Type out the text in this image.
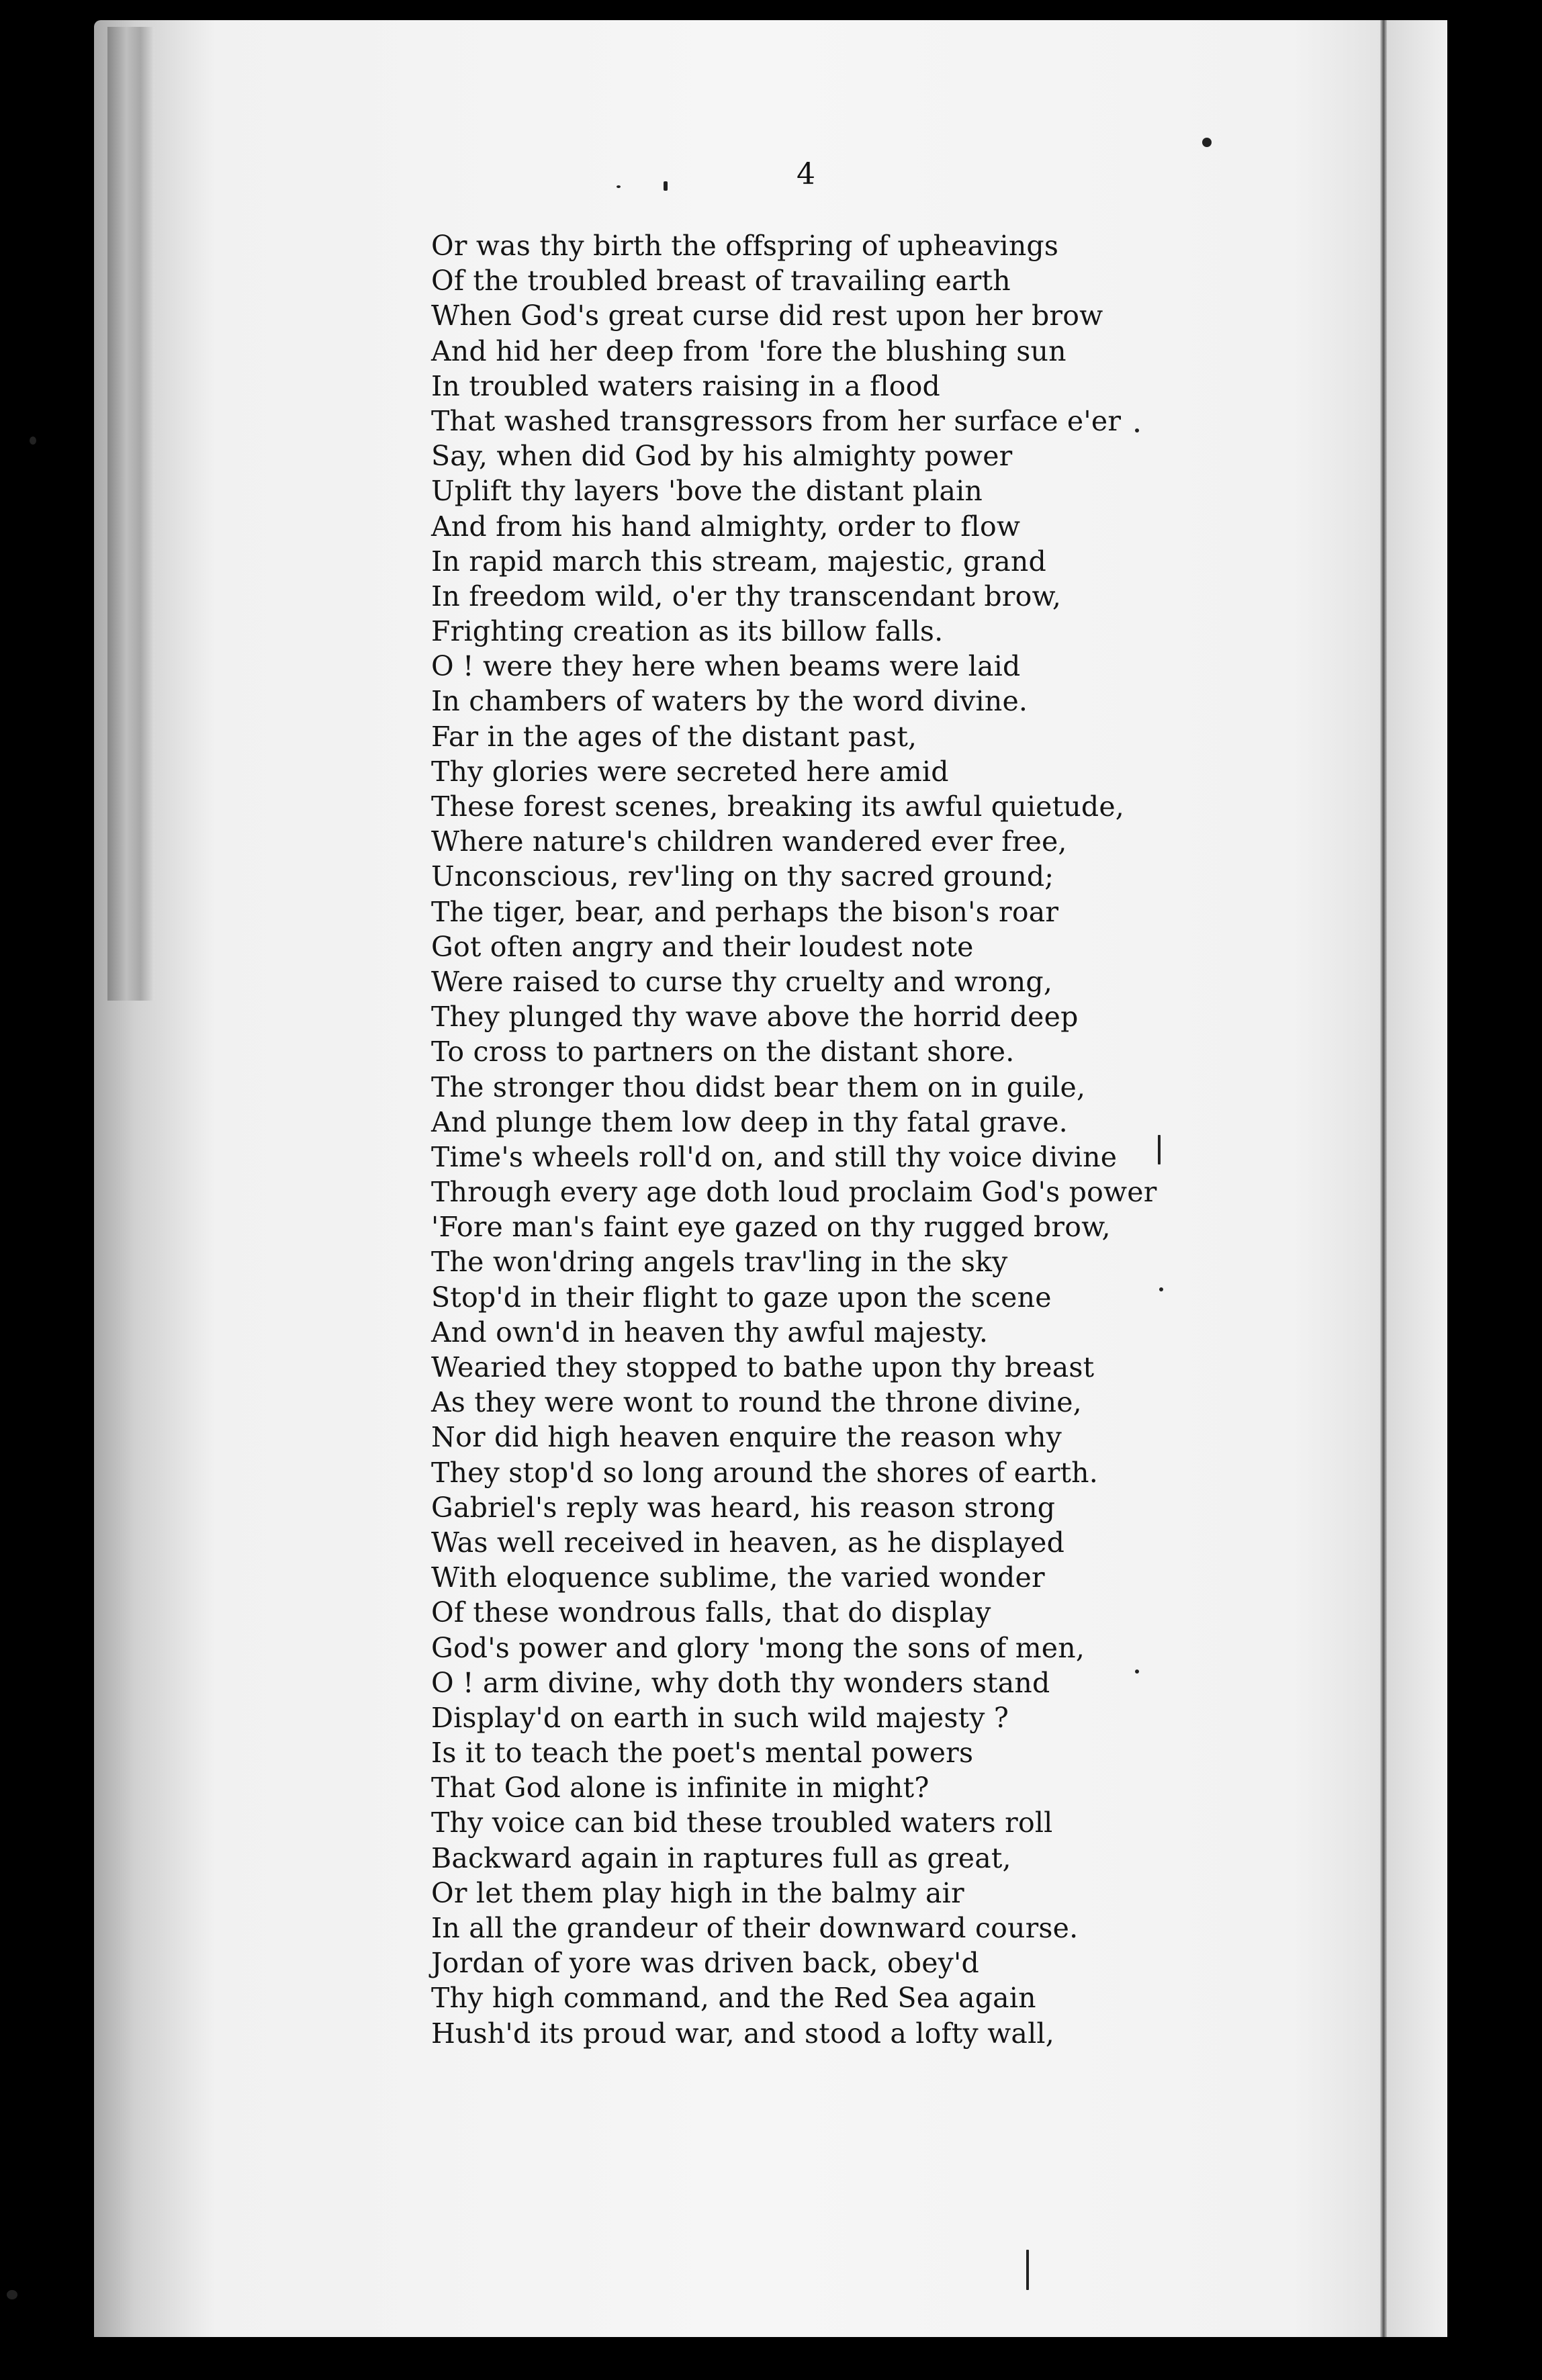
4
Or was thy birth the offspring of upheavings
Of the troubled breast of travailing earth
When God's great curse did rest upon her brow
And hid her deep from 'fore the blushing sun
In troubled waters raising in a flood
That washed transgressors from her surface e'er
Say, when did God by his almighty power
Uplift thy layers 'bove the distant plain
And from his hand almighty, order to flow
In rapid march this stream, majestic, grand
In freedom wild, o'er thy transcendant brow,
Frighting creation as its billow falls.
O ! were they here when beams were laid
In chambers of waters by the word divine.
Far in the ages of the distant past,
Thy glories were secreted here amid
These forest scenes, breaking its awful quietude,
Where nature's children wandered ever free,
Unconscious, rev'ling on thy sacred ground;
The tiger, bear, and perhaps the bison's roar
Got often angry and their loudest note
Were raised to curse thy cruelty and wrong,
They plunged thy wave above the horrid deep
To cross to partners on the distant shore.
The stronger thou didst bear them on in guile,
And plunge them low deep in thy fatal grave.
Time's wheels roll'd on, and still thy voice divine
Through every age doth loud proclaim God's power
'Fore man's faint eye gazed on thy rugged brow,
The won'dring angels trav'ling in the sky
Stop'd in their flight to gaze upon the scene
And own'd in heaven thy awful majesty.
Wearied they stopped to bathe upon thy breast
As they were wont to round the throne divine,
Nor did high heaven enquire the reason why
They stop'd so long around the shores of earth.
Gabriel's reply was heard, his reason strong
Was well received in heaven, as he displayed
With eloquence sublime, the varied wonder
Of these wondrous falls, that do display
God's power and glory 'mong the sons of men,
O ! arm divine, why doth thy wonders stand
Display'd on earth in such wild majesty ?
Is it to teach the poet's mental powers
That God alone is infinite in might?
Thy voice can bid these troubled waters roll
Backward again in raptures full as great,
Or let them play high in the balmy air
In all the grandeur of their downward course.
Jordan of yore was driven back, obey'd
Thy high command, and the Red Sea again
Hush'd its proud war, and stood a lofty wall,
